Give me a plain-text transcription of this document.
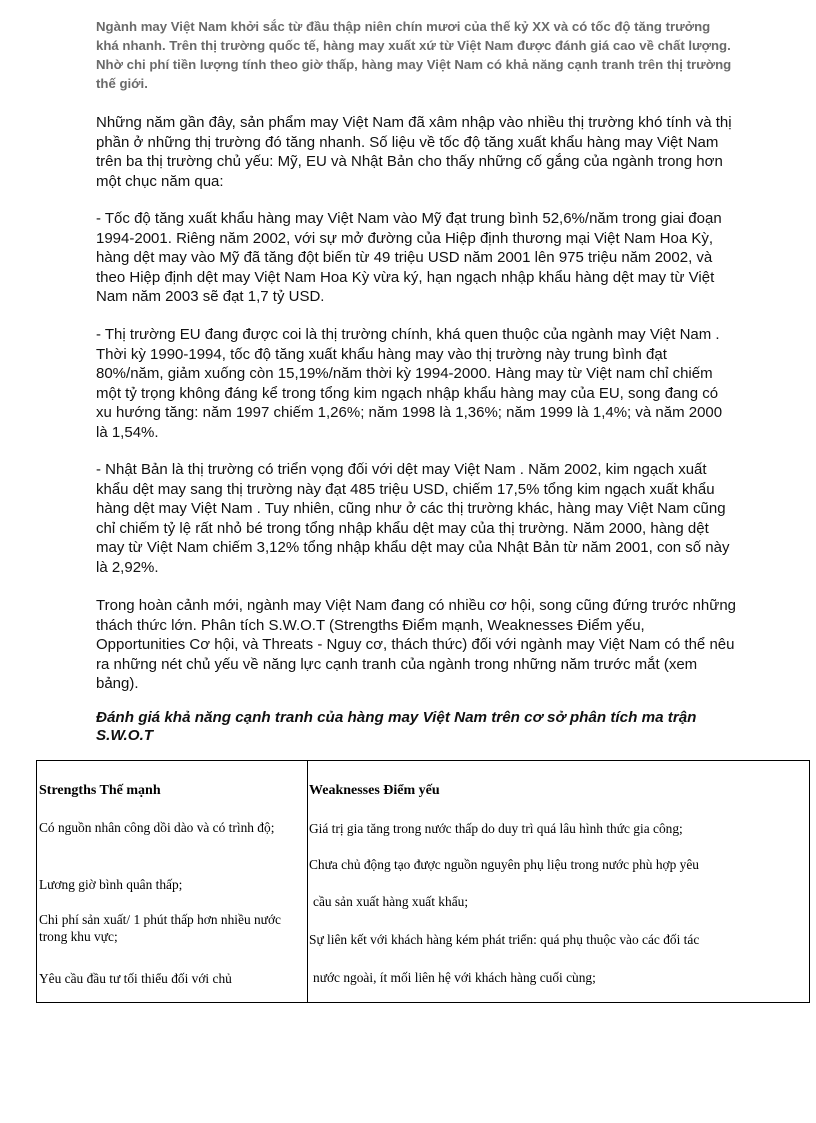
Ngành may Việt Nam khởi sắc từ đầu thập niên chín mươi của thế kỷ XX và có tốc độ tăng trưởng khá nhanh. Trên thị trường quốc tế, hàng may xuất xứ từ Việt Nam được đánh giá cao về chất lượng. Nhờ chi phí tiền lượng tính theo giờ thấp, hàng may Việt Nam có khả năng cạnh tranh trên thị trường thế giới.
Những năm gần đây, sản phẩm may Việt Nam đã xâm nhập vào nhiều thị trường khó tính và thị phần ở những thị trường đó tăng nhanh. Số liệu về tốc độ tăng xuất khẩu hàng may Việt Nam trên ba thị trường chủ yếu: Mỹ, EU và Nhật Bản cho thấy những cố gắng của ngành trong hơn một chục năm qua:
- Tốc độ tăng xuất khẩu hàng may Việt Nam vào Mỹ đạt trung bình 52,6%/năm trong giai đoạn 1994-2001. Riêng năm 2002, với sự mở đường của Hiệp định thương mại Việt Nam Hoa Kỳ, hàng dệt may vào Mỹ đã tăng đột biến từ 49 triệu USD năm 2001 lên 975 triệu năm 2002, và theo Hiệp định dệt may Việt Nam Hoa Kỳ vừa ký, hạn ngạch nhập khẩu hàng dệt may từ Việt Nam năm 2003 sẽ đạt 1,7 tỷ USD.
- Thị trường EU đang được coi là thị trường chính, khá quen thuộc của ngành may Việt Nam . Thời kỳ 1990-1994, tốc độ tăng xuất khẩu hàng may vào thị trường này trung bình đạt 80%/năm, giảm xuống còn 15,19%/năm thời kỳ 1994-2000. Hàng may từ Việt nam chỉ chiếm một tỷ trọng không đáng kể trong tổng kim ngạch nhập khẩu hàng may của EU, song đang có xu hướng tăng: năm 1997 chiếm 1,26%; năm 1998 là 1,36%; năm 1999 là 1,4%; và năm 2000 là 1,54%.
- Nhật Bản là thị trường có triển vọng đối với dệt may Việt Nam . Năm 2002, kim ngạch xuất khẩu dệt may sang thị trường này đạt 485 triệu USD, chiếm 17,5% tổng kim ngạch xuất khẩu hàng dệt may Việt Nam . Tuy nhiên, cũng như ở các thị trường khác, hàng may Việt Nam cũng chỉ chiếm tỷ lệ rất nhỏ bé trong tổng nhập khẩu dệt may của thị trường. Năm 2000, hàng dệt may từ Việt Nam chiếm 3,12% tổng nhập khẩu dệt may của Nhật Bản từ năm 2001, con số này là 2,92%.
Trong hoàn cảnh mới, ngành may Việt Nam đang có nhiều cơ hội, song cũng đứng trước những thách thức lớn. Phân tích S.W.O.T (Strengths Điểm mạnh, Weaknesses Điểm yếu, Opportunities Cơ hội, và Threats - Nguy cơ, thách thức) đối với ngành may Việt Nam có thể nêu ra những nét chủ yếu về năng lực cạnh tranh của ngành trong những năm trước mắt (xem bảng).
Đánh giá khả năng cạnh tranh của hàng may Việt Nam trên cơ sở phân tích ma trận S.W.O.T
Strengths Thế mạnh
Có nguồn nhân công dồi dào và có trình độ;
Lương giờ bình quân thấp;
Chi phí sản xuất/ 1 phút thấp hơn nhiều nước trong khu vực;
Yêu cầu đầu tư tối thiểu đối với chủ
Weaknesses Điểm yếu
Giá trị gia tăng trong nước thấp do duy trì quá lâu hình thức gia công;
Chưa chủ động tạo được nguồn nguyên phụ liệu trong nước phù hợp yêu
cầu sản xuất hàng xuất khẩu;
Sự liên kết với khách hàng kém phát triển: quá phụ thuộc vào các đối tác
nước ngoài, ít mối liên hệ với khách hàng cuối cùng;
